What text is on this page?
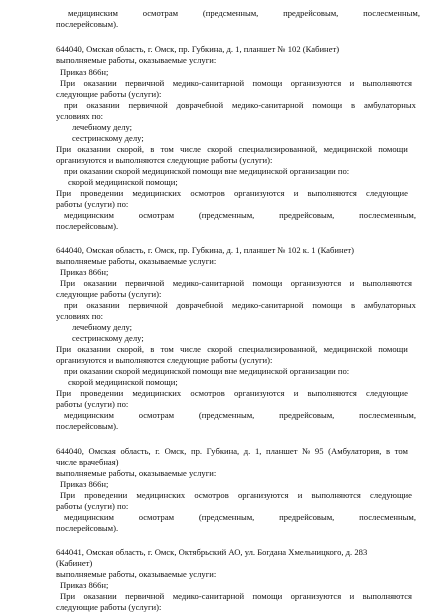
медицинским	осмотрам	(предсменным,	предрейсовым,	послесменным,
послерейсовым).
644040, Омская область, г. Омск, пр. Губкина, д. 1, планшет № 102 (Кабинет)
выполняемые работы, оказываемые услуги:
Приказ 866н;
При оказании первичной медико-санитарной помощи организуются и выполняются
следующие работы (услуги):
при оказании первичной доврачебной медико-санитарной помощи в амбулаторных
условиях по:
лечебному делу;
сестринскому делу;
При оказании скорой, в том числе скорой специализированной, медицинской помощи
организуются и выполняются следующие работы (услуги):
при оказании скорой медицинской помощи вне медицинской организации по:
скорой медицинской помощи;
При проведении медицинских осмотров организуются и выполняются следующие
работы (услуги) по:
медицинским	осмотрам	(предсменным,	предрейсовым,	послесменным,
послерейсовым).
644040, Омская область, г. Омск, пр. Губкина, д. 1, планшет № 102 к. 1 (Кабинет)
выполняемые работы, оказываемые услуги:
Приказ 866н;
При оказании первичной медико-санитарной помощи организуются и выполняются
следующие работы (услуги):
при оказании первичной доврачебной медико-санитарной помощи в амбулаторных
условиях по:
лечебному делу;
сестринскому делу;
При оказании скорой, в том числе скорой специализированной, медицинской помощи
организуются и выполняются следующие работы (услуги):
при оказании скорой медицинской помощи вне медицинской организации по:
скорой медицинской помощи;
При проведении медицинских осмотров организуются и выполняются следующие
работы (услуги) по:
медицинским	осмотрам	(предсменным,	предрейсовым,	послесменным,
послерейсовым).
644040, Омская область, г. Омск, пр. Губкина, д. 1, планшет № 95 (Амбулатория, в том
числе врачебная)
выполняемые работы, оказываемые услуги:
Приказ 866н;
При проведении медицинских осмотров организуются и выполняются следующие
работы (услуги) по:
медицинским	осмотрам	(предсменным,	предрейсовым,	послесменным,
послерейсовым).
644041, Омская область, г. Омск, Октябрьский АО, ул. Богдана Хмельницкого, д. 283
(Кабинет)
выполняемые работы, оказываемые услуги:
Приказ 866н;
При оказании первичной медико-санитарной помощи организуются и выполняются
следующие работы (услуги):
